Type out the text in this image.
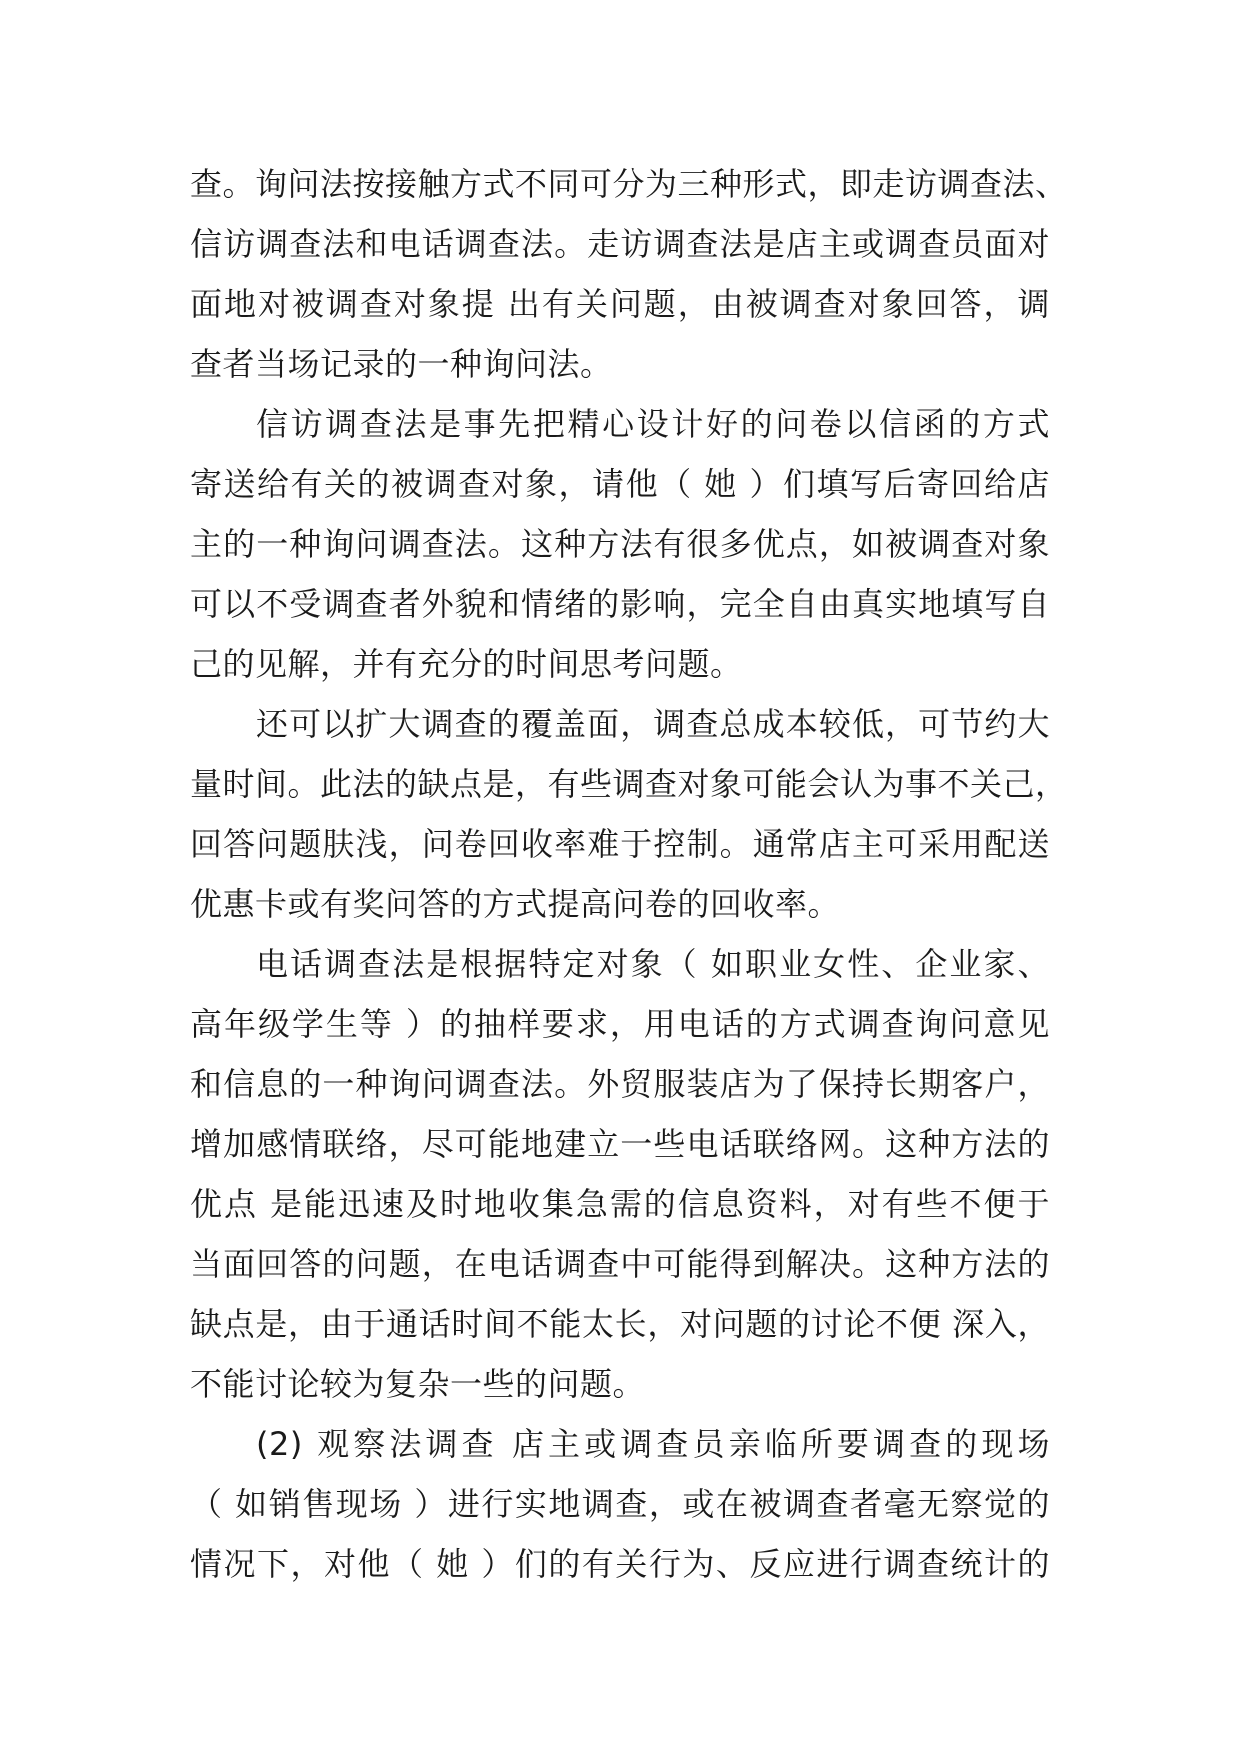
查。询问法按接触方式不同可分为三种形式，即走访调查法、
信访调查法和电话调查法。走访调查法是店主或调查员面对
面地对被调查对象提 出有关问题，由被调查对象回答，调
查者当场记录的一种询问法。
信访调查法是事先把精心设计好的问卷以信函的方式
寄送给有关的被调查对象，请他（ 她 ）们填写后寄回给店
主的一种询问调查法。这种方法有很多优点，如被调查对象
可以不受调查者外貌和情绪的影响，完全自由真实地填写自
己的见解，并有充分的时间思考问题。
还可以扩大调查的覆盖面，调查总成本较低，可节约大
量时间。此法的缺点是，有些调查对象可能会认为事不关己，
回答问题肤浅，问卷回收率难于控制。通常店主可采用配送
优惠卡或有奖问答的方式提高问卷的回收率。
电话调查法是根据特定对象（ 如职业女性、企业家、
高年级学生等 ）的抽样要求，用电话的方式调查询问意见
和信息的一种询问调查法。外贸服装店为了保持长期客户，
增加感情联络，尽可能地建立一些电话联络网。这种方法的
优点 是能迅速及时地收集急需的信息资料，对有些不便于
当面回答的问题，在电话调查中可能得到解决。这种方法的
缺点是，由于通话时间不能太长，对问题的讨论不便 深入，
不能讨论较为复杂一些的问题。
(2) 观察法调查 店主或调查员亲临所要调查的现场
（ 如销售现场 ）进行实地调查，或在被调查者毫无察觉的
情况下，对他（ 她 ）们的有关行为、反应进行调查统计的
